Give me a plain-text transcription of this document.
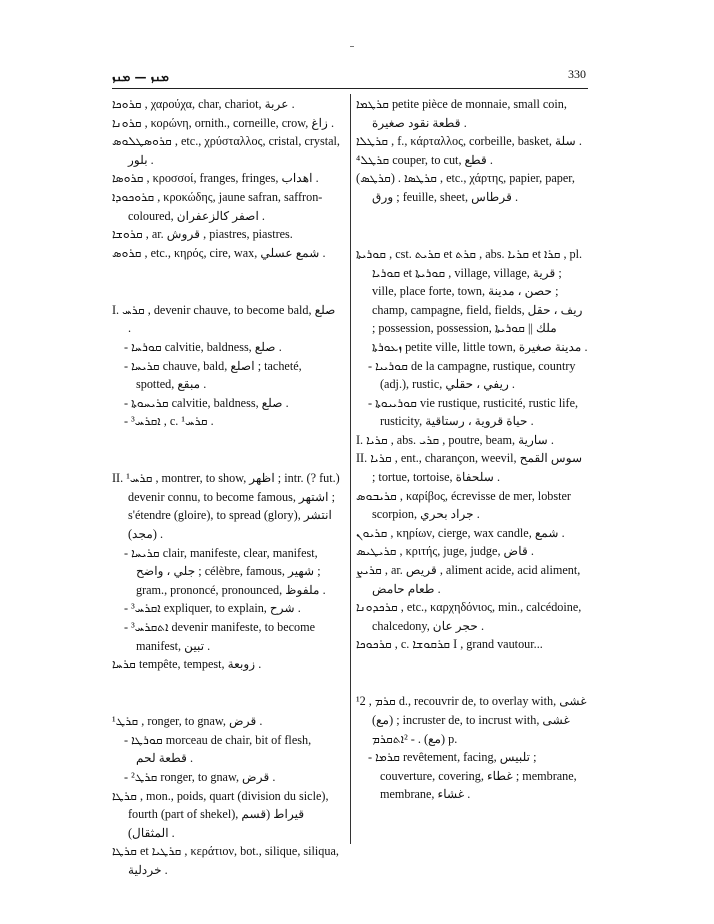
ܡܢܙ — ܡܢܙ	330

ܩܪܘܟܐ , χαρούχα, char, chariot, عربة .

ܩܪܘܢܐ , κορώνη, ornith., corneille, crow, زاغ .

ܩܪܘܣܛܠܘܣ , etc., χρύσταλλος, cristal, crystal, بلور .

ܩܪܘܣܐ , κροσσοί, franges, fringes, اهداب .

ܩܪܘܟܘܕܐ , κροκώδης, jaune safran, saffron-coloured, اصفر كالزعفران .

ܩܪܘܫܐ , ar. قروش , piastres, piastres.

ܩܪܘܣ , etc., κηρός, cire, wax, شمع عسلي .

I. ܩܪܚ , devenir chauve, to become bald, صلع .

- ܩܘܪܚܐ calvitie, baldness, صلع .

- ܩܪܝܚܐ chauve, bald, اصلع ; tacheté, spotted, مبقع .

- ܩܪܝܚܘܬܐ calvitie, baldness, صلع .

- ³ܐܩܪܚ , c. ¹ܩܪܚ .

II. ¹ܩܪܚ , montrer, to show, اظهر ; intr. (? fut.) devenir connu, to become famous, اشتهر ; s'étendre (gloire), to spread (glory), انتشر (مجد) .

- ܩܪܝܚܐ clair, manifeste, clear, manifest, جلي ، واضح ; célèbre, famous, شهير ; gram., prononcé, pronounced, ملفوظ .

- ³ܐܩܪܚ expliquer, to explain, شرح .

- ³ܐܬܩܪܚ devenir manifeste, to become manifest, تبين .

ܩܪܚܐ tempête, tempest, زوبعة .

¹ܩܪܛ , ronger, to gnaw, قرض .

- ܩܘܪܛܐ morceau de chair, bit of flesh, قطعة لحم .

- ²ܩܪܛ ronger, to gnaw, قرض .

ܩܪܛܐ , mon., poids, quart (division du sicle), fourth (part of shekel), قيراط (قسم المثقال) .

ܩܪܛܐ et ܩܪܛܝܐ , κεράτιον, bot., silique, siliqua, خردلية .

ܩܪܛܡܐ petite pièce de monnaie, small coin, قطعة نقود صغيرة .

ܩܪܛܠܐ , f., κάρταλλος, corbeille, basket, سلة .

⁴ܩܪܛܠ couper, to cut, قطع .

(ܩܪܛܣ) . ܩܪܛܣܐ , etc., χάρτης, papier, paper, ورق ; feuille, sheet, قرطاس .

ܩܘܪܝܬܐ , cst. ܩܪܝܬ et ܩܪܬ , abs. ܩܪܝܐ et ܩܪܐ , pl. ܩܘܪܝܐ et ܩܘܪܝܬܐ , village, village, قرية ; ville, place forte, town, حصن ، مدينة ; champ, campagne, field, fields, ريف ، حقل ; possession, possession, ملك || ܩܘܪܝܬܐ ܙܥܘܪܬܐ petite ville, little town, مدينة صغيرة .

- ܩܘܪܝܝܐ de la campagne, rustique, country (adj.), rustic, ريفي ، حقلي .

- ܩܘܪܝܝܘܬܐ vie rustique, rusticité, rustic life, rusticity, حياة قروية ، رستاقية .

I. ܩܪܝܐ , abs. ܩܪܝ , poutre, beam, سارية .

II. ܩܪܝܐ , ent., charançon, weevil, سوس القمح ; tortue, tortoise, سلحفاة .

ܩܪܝܒܘܣ , καρίβος, écrevisse de mer, lobster scorpion, جراد بحري .

ܩܪܝܘܢ , κηρίων, cierge, wax candle, شمع .

ܩܪܝܛܝܣ , κριτής, juge, judge, قاض .

ܩܪܝܨ , ar. قريص , aliment acide, acid aliment, طعام حامض .

ܩܪܟܕܘܢܐ , etc., καρχηδόνιος, min., calcédoine, chalcedony, حجر عان .

ܩܪܟܘܟܐ , c. ܩܪܩܘܫܐ I , grand vautour...

¹ܩܪܡ , 2 d., recouvrir de, to overlay with, غشى (مع) ; incruster de, to incrust with, غشى (مع) . - ²ܐܬܩܪܡ p.

- ܩܪܡܐ revêtement, facing, تلبيس ; couverture, covering, غطاء ; membrane, membrane, غشاء .
